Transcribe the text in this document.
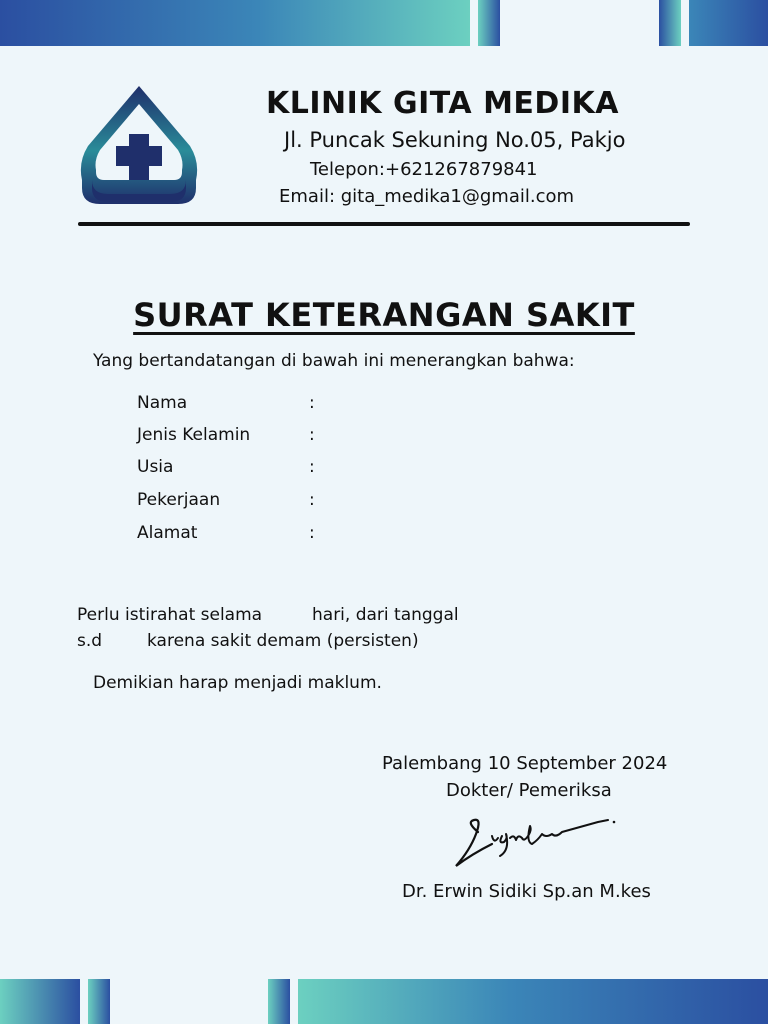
KLINIK GITA MEDIKA
Jl. Puncak Sekuning No.05, Pakjo
Telepon:+621267879841
Email: gita_medika1@gmail.com
SURAT KETERANGAN SAKIT
Yang bertandatangan di bawah ini menerangkan bahwa:
Nama	:
Jenis Kelamin	:
Usia	:
Pekerjaan	:
Alamat	:
Perlu istirahat selama	hari, dari tanggal
s.d	karena sakit demam (persisten)
Demikian harap menjadi maklum.
Palembang 10 September 2024
Dokter/ Pemeriksa
Dr. Erwin Sidiki Sp.an M.kes
